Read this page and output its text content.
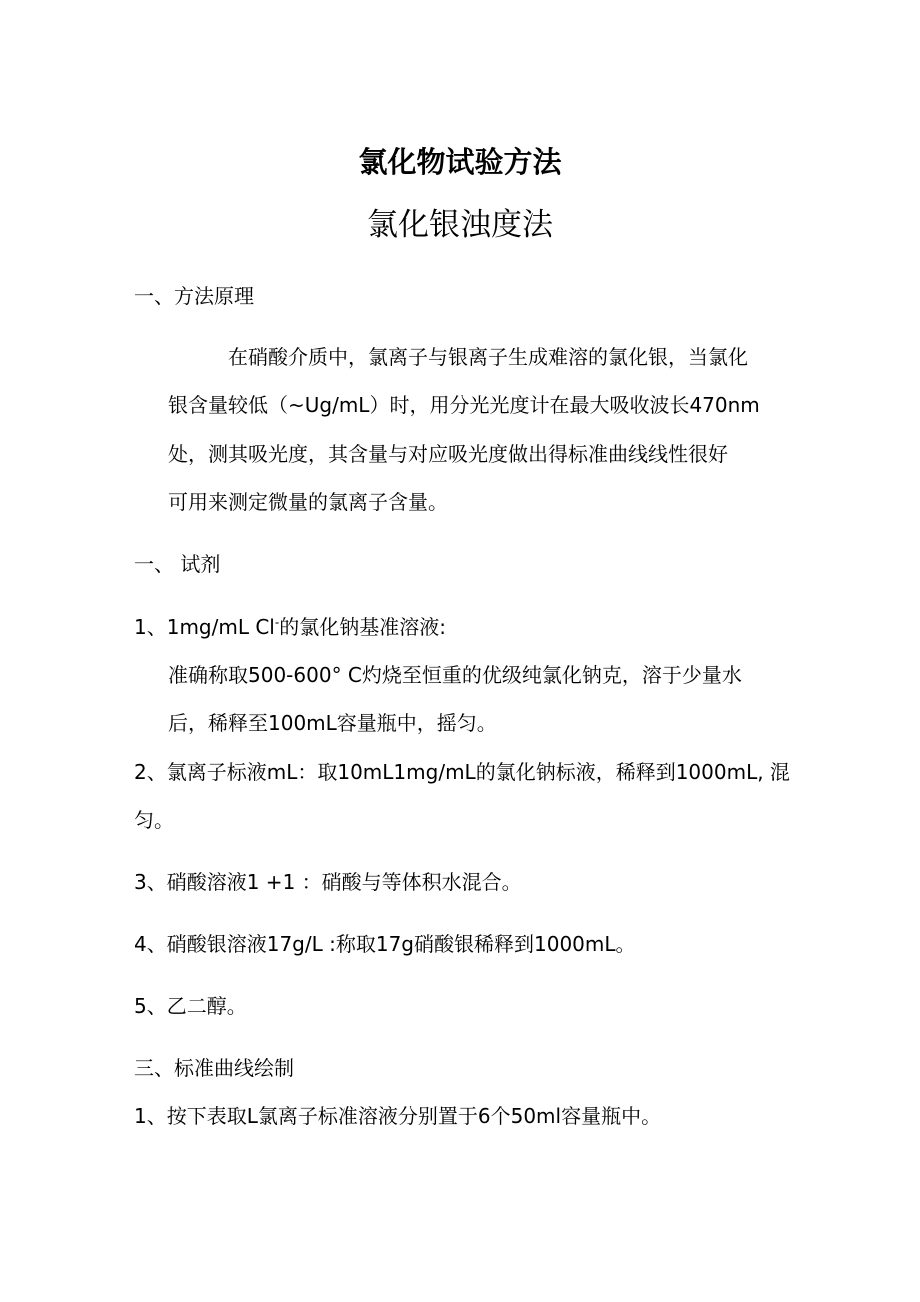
氯化物试验方法
氯化银浊度法
一、方法原理
在硝酸介质中，氯离子与银离子生成难溶的氯化银，当氯化
银含量较低（~Ug/mL）时，用分光光度计在最大吸收波长470nm
处，测其吸光度，其含量与对应吸光度做出得标准曲线线性很好
可用来测定微量的氯离子含量。
一、 试剂
1、1mg/mL Cl-的氯化钠基准溶液:
准确称取500-600° C灼烧至恒重的优级纯氯化钠克，溶于少量水
后，稀释至100mL容量瓶中，摇匀。
2、氯离子标液mL：取10mL1mg/mL的氯化钠标液，稀释到1000mL, 混
匀。
3、硝酸溶液1 +1 ：硝酸与等体积水混合。
4、硝酸银溶液17g/L :称取17g硝酸银稀释到1000mL。
5、乙二醇。
三、标准曲线绘制
1、按下表取L氯离子标准溶液分别置于6个50ml容量瓶中。
